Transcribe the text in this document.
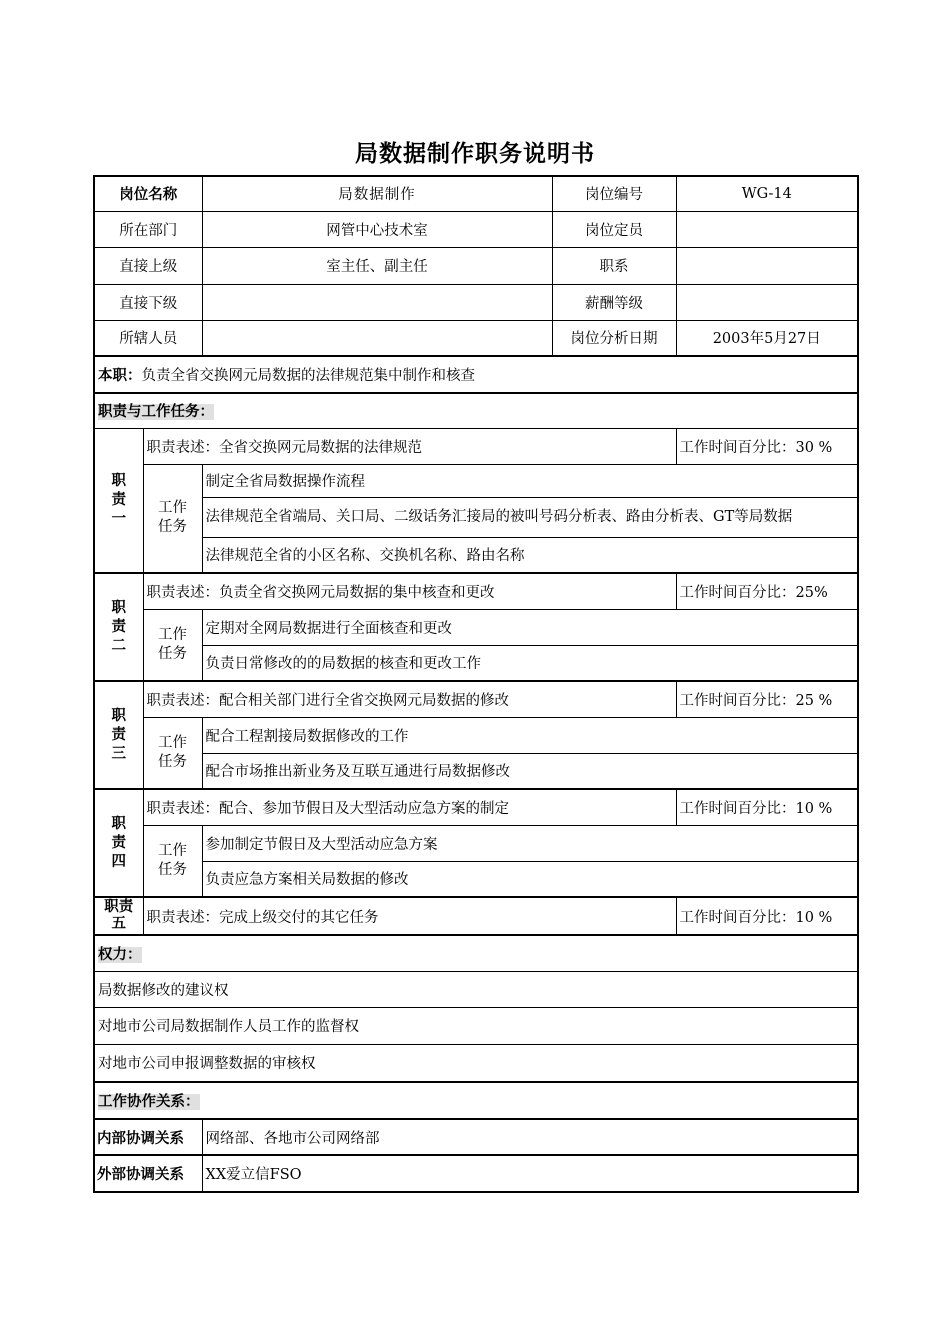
局数据制作职务说明书
岗位名称		局数据制作	岗位编号	WG-14
所在部门		网管中心技术室	岗位定员	
直接上级		室主任、副主任	职系	
直接下级			薪酬等级	
所辖人员			岗位分析日期	2003年5月27日
本职：负责全省交换网元局数据的法律规范集中制作和核查				
职责与工作任务：				

职
责
一	职责表述：全省交换网元局数据的法律规范			工作时间百分比：30 %

	工作
任务	制定全省局数据操作流程		
		法律规范全省端局、关口局、二级话务汇接局的被叫号码分析表、路由分析表、GT等局数据		
		法律规范全省的小区名称、交换机名称、路由名称		

职
责
二	职责表述：负责全省交换网元局数据的集中核查和更改			工作时间百分比：25%

	工作
任务	定期对全网局数据进行全面核查和更改		
		负责日常修改的的局数据的核查和更改工作		

职
责
三	职责表述：配合相关部门进行全省交换网元局数据的修改			工作时间百分比：25 %

	工作
任务	配合工程割接局数据修改的工作		
		配合市场推出新业务及互联互通进行局数据修改		

职
责
四	职责表述：配合、参加节假日及大型活动应急方案的制定			工作时间百分比：10 %

	工作
任务	参加制定节假日及大型活动应急方案		
		负责应急方案相关局数据的修改		

职责
五	职责表述：完成上级交付的其它任务			工作时间百分比：10 %
权力：				
局数据修改的建议权				
对地市公司局数据制作人员工作的监督权				
对地市公司申报调整数据的审核权				
工作协作关系：				
内部协调关系		网络部、各地市公司网络部		
外部协调关系		XX爱立信FSO		
